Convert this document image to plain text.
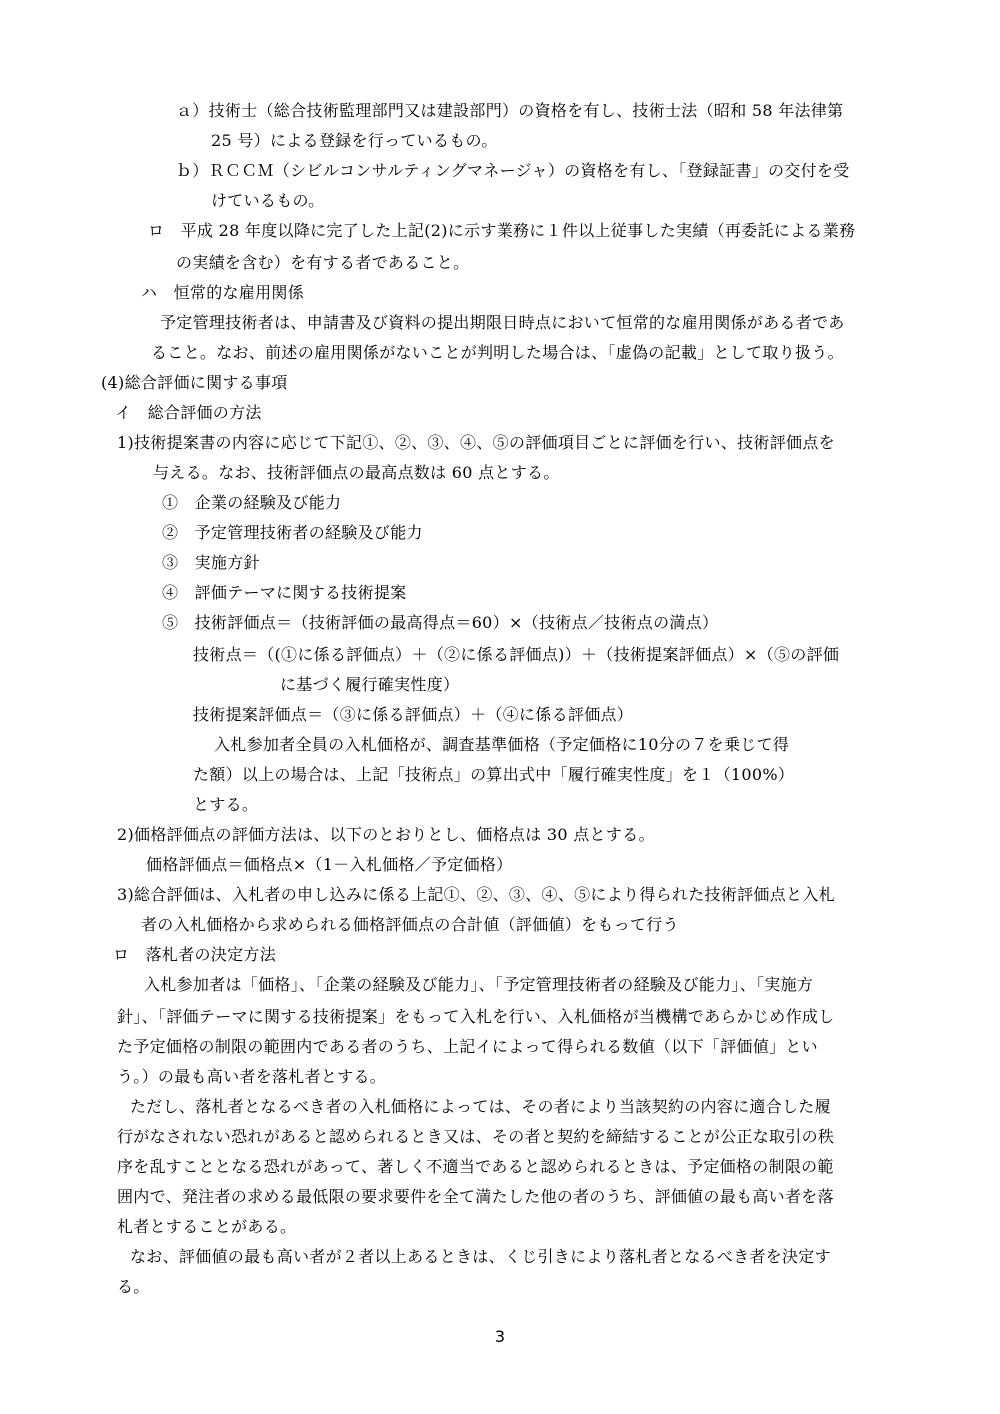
ａ）技術士（総合技術監理部門又は建設部門）の資格を有し、技術士法（昭和 58 年法律第
25 号）による登録を行っているもの。
ｂ）ＲＣＣＭ（シビルコンサルティングマネージャ）の資格を有し、「登録証書」の交付を受
けているもの。
ロ　平成 28 年度以降に完了した上記(2)に示す業務に１件以上従事した実績（再委託による業務
の実績を含む）を有する者であること。
ハ　恒常的な雇用関係
予定管理技術者は、申請書及び資料の提出期限日時点において恒常的な雇用関係がある者であ
ること。なお、前述の雇用関係がないことが判明した場合は、「虚偽の記載」として取り扱う。
(4)総合評価に関する事項
イ　総合評価の方法
1)技術提案書の内容に応じて下記①、②、③、④、⑤の評価項目ごとに評価を行い、技術評価点を
与える。なお、技術評価点の最高点数は 60 点とする。
①　企業の経験及び能力
②　予定管理技術者の経験及び能力
③　実施方針
④　評価テーマに関する技術提案
⑤　技術評価点＝（技術評価の最高得点＝60）×（技術点／技術点の満点）
技術点＝（(①に係る評価点）＋（②に係る評価点)）＋（技術提案評価点）×（⑤の評価
に基づく履行確実性度）
技術提案評価点＝（③に係る評価点）＋（④に係る評価点）
入札参加者全員の入札価格が、調査基準価格（予定価格に10分の７を乗じて得
た額）以上の場合は、上記「技術点」の算出式中「履行確実性度」を１（100%）
とする。
2)価格評価点の評価方法は、以下のとおりとし、価格点は 30 点とする。
価格評価点＝価格点×（1－入札価格／予定価格）
3)総合評価は、入札者の申し込みに係る上記①、②、③、④、⑤により得られた技術評価点と入札
者の入札価格から求められる価格評価点の合計値（評価値）をもって行う
ロ　落札者の決定方法
入札参加者は「価格」、「企業の経験及び能力」、「予定管理技術者の経験及び能力」、「実施方
針」、「評価テーマに関する技術提案」をもって入札を行い、入札価格が当機構であらかじめ作成し
た予定価格の制限の範囲内である者のうち、上記イによって得られる数値（以下「評価値」とい
う。）の最も高い者を落札者とする。
ただし、落札者となるべき者の入札価格によっては、その者により当該契約の内容に適合した履
行がなされない恐れがあると認められるとき又は、その者と契約を締結することが公正な取引の秩
序を乱すこととなる恐れがあって、著しく不適当であると認められるときは、予定価格の制限の範
囲内で、発注者の求める最低限の要求要件を全て満たした他の者のうち、評価値の最も高い者を落
札者とすることがある。
なお、評価値の最も高い者が２者以上あるときは、くじ引きにより落札者となるべき者を決定す
る。
3
